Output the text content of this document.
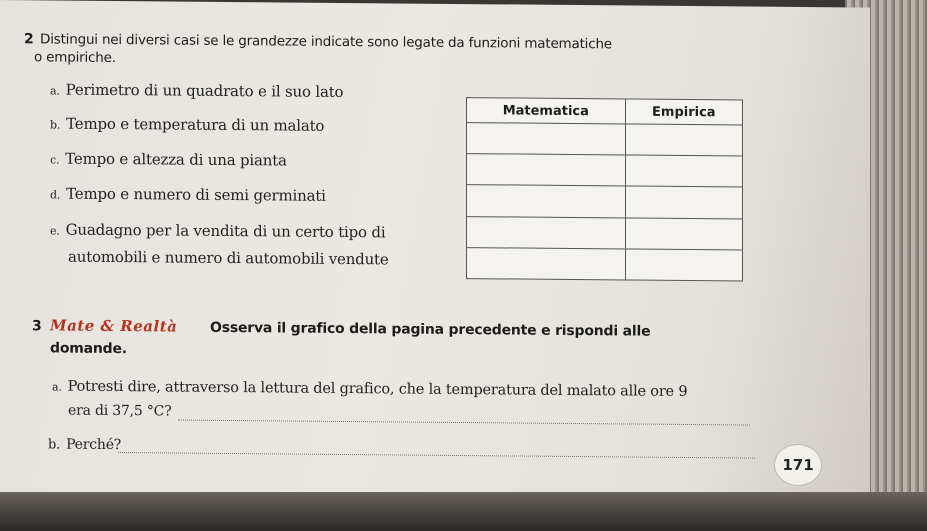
2 Distingui nei diversi casi se le grandezze indicate sono legate da funzioni matematiche
o empiriche.
a. Perimetro di un quadrato e il suo lato
b. Tempo e temperatura di un malato
c. Tempo e altezza di una pianta
d. Tempo e numero di semi germinati
e. Guadagno per la vendita di un certo tipo di
automobili e numero di automobili vendute
Matematica	Empirica

3 Mate & Realtà Osserva il grafico della pagina precedente e rispondi alle
domande.
a. Potresti dire, attraverso la lettura del grafico, che la temperatura del malato alle ore 9
era di 37,5 °C?
b. Perché?
171
